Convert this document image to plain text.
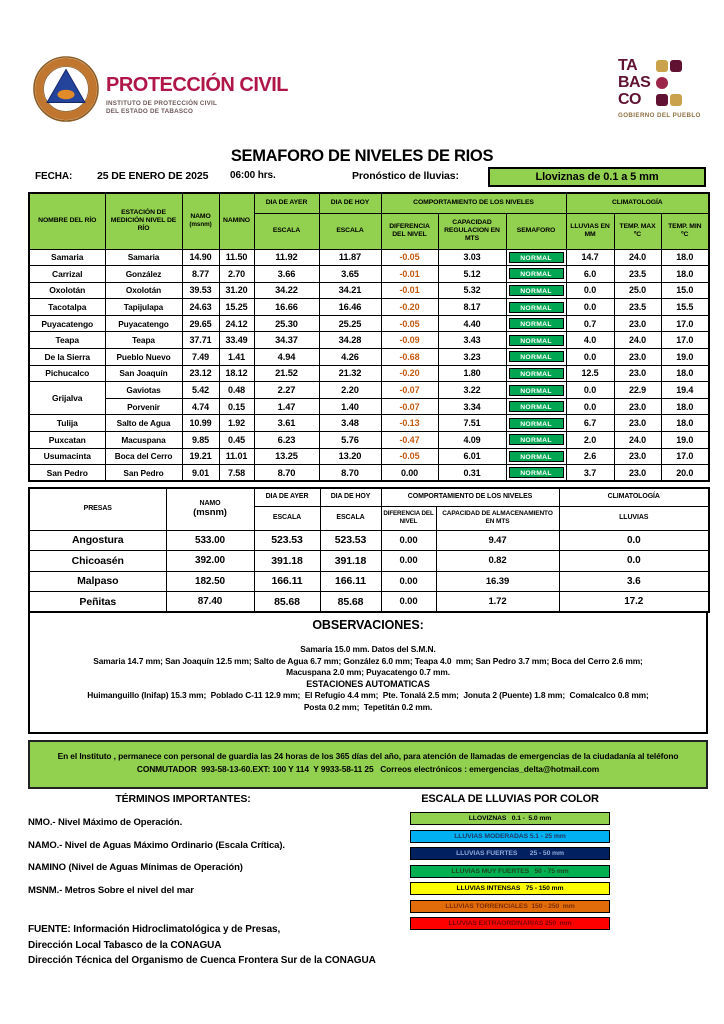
PROTECCIÓN CIVIL
INSTITUTO DE PROTECCIÓN CIVIL
DEL ESTADO DE TABASCO
TA
BAS
CO
GOBIERNO DEL PUEBLO
SEMAFORO DE NIVELES DE RIOS
FECHA: 25 DE ENERO DE 2025 06:00 hrs.	Pronóstico de lluvias:	Lloviznas de 0.1 a 5 mm
NOMBRE DEL RÍO	ESTACIÓN DE MEDICIÓN NIVEL DE RÍO	NAMO
(msnm)	NAMINO	DIA DE AYER	DIA DE HOY	COMPORTAMIENTO DE LOS NIVELES			CLIMATOLOGÍA		
				ESCALA	ESCALA	DIFERENCIA DEL NIVEL	CAPACIDAD REGULACION EN MTS	SEMAFORO	LLUVIAS EN MM	TEMP. MAX
ºC	TEMP. MIN
ºC
Samaria	Samaria	14.90	11.50	11.92	11.87	-0.05	3.03	NORMAL	14.7	24.0	18.0
Carrizal	González	8.77	2.70	3.66	3.65	-0.01	5.12	NORMAL	6.0	23.5	18.0
Oxolotán	Oxolotán	39.53	31.20	34.22	34.21	-0.01	5.32	NORMAL	0.0	25.0	15.0
Tacotalpa	Tapijulapa	24.63	15.25	16.66	16.46	-0.20	8.17	NORMAL	0.0	23.5	15.5
Puyacatengo	Puyacatengo	29.65	24.12	25.30	25.25	-0.05	4.40	NORMAL	0.7	23.0	17.0
Teapa	Teapa	37.71	33.49	34.37	34.28	-0.09	3.43	NORMAL	4.0	24.0	17.0
De la Sierra	Pueblo Nuevo	7.49	1.41	4.94	4.26	-0.68	3.23	NORMAL	0.0	23.0	19.0
Pichucalco	San Joaquín	23.12	18.12	21.52	21.32	-0.20	1.80	NORMAL	12.5	23.0	18.0
Grijalva	Gaviotas	5.42	0.48	2.27	2.20	-0.07	3.22	NORMAL	0.0	22.9	19.4
	Porvenir	4.74	0.15	1.47	1.40	-0.07	3.34	NORMAL	0.0	23.0	18.0
Tulija	Salto de Agua	10.99	1.92	3.61	3.48	-0.13	7.51	NORMAL	6.7	23.0	18.0
Puxcatan	Macuspana	9.85	0.45	6.23	5.76	-0.47	4.09	NORMAL	2.0	24.0	19.0
Usumacinta	Boca del Cerro	19.21	11.01	13.25	13.20	-0.05	6.01	NORMAL	2.6	23.0	17.0
San Pedro	San Pedro	9.01	7.58	8.70	8.70	0.00	0.31	NORMAL	3.7	23.0	20.0
PRESAS	NAMO
(msnm)	DIA DE AYER	DIA DE HOY	COMPORTAMIENTO DE LOS NIVELES		CLIMATOLOGÍA
		ESCALA	ESCALA	DIFERENCIA DEL NIVEL	CAPACIDAD DE ALMACENAMIENTO EN MTS	LLUVIAS
Angostura	533.00	523.53	523.53	0.00	9.47	0.0
Chicoasén	392.00	391.18	391.18	0.00	0.82	0.0
Malpaso	182.50	166.11	166.11	0.00	16.39	3.6
Peñitas	87.40	85.68	85.68	0.00	1.72	17.2
OBSERVACIONES:
Samaria 15.0 mm. Datos del S.M.N.
Samaria 14.7 mm; San Joaquín 12.5 mm; Salto de Agua 6.7 mm; González 6.0 mm; Teapa 4.0  mm; San Pedro 3.7 mm; Boca del Cerro 2.6 mm;
Macuspana 2.0 mm; Puyacatengo 0.7 mm.
ESTACIONES AUTOMATICAS
Huimanguillo (Inifap) 15.3 mm;  Poblado C-11 12.9 mm;  El Refugio 4.4 mm;  Pte. Tonalá 2.5 mm;  Jonuta 2 (Puente) 1.8 mm;  Comalcalco 0.8 mm;
Posta 0.2 mm;  Tepetitán 0.2 mm.
En el Instituto , permanece con personal de guardia las 24 horas de los 365 días del año, para atención de llamadas de emergencias de la ciudadanía al teléfono
CONMUTADOR  993-58-13-60.EXT: 100 Y 114  Y 9933-58-11 25   Correos electrónicos : emergencias_delta@hotmail.com
TÉRMINOS IMPORTANTES:
NMO.- Nivel Máximo de Operación.
NAMO.- Nivel de Aguas Máximo Ordinario (Escala Crítica).
NAMINO (Nivel de Aguas Mínimas de Operación)
MSNM.- Metros Sobre el nivel del mar
ESCALA DE LLUVIAS POR COLOR
LLOVIZNAS   0.1 -  5.0 mm
LLUVIAS MODERADAS 5.1 - 25 mm
LLUVIAS FUERTES       25 - 50 mm
LLUVIAS MUY FUERTES   50 - 75 mm
LLUVIAS INTENSAS   75 - 150 mm
LLUVIAS TORRENCIALES  150 - 250  mm
LLUVIAS EXTRAORDINARIAS 250  mm
FUENTE: Información Hidroclimatológica y de Presas,
Dirección Local Tabasco de la CONAGUA
Dirección Técnica del Organismo de Cuenca Frontera Sur de la CONAGUA
